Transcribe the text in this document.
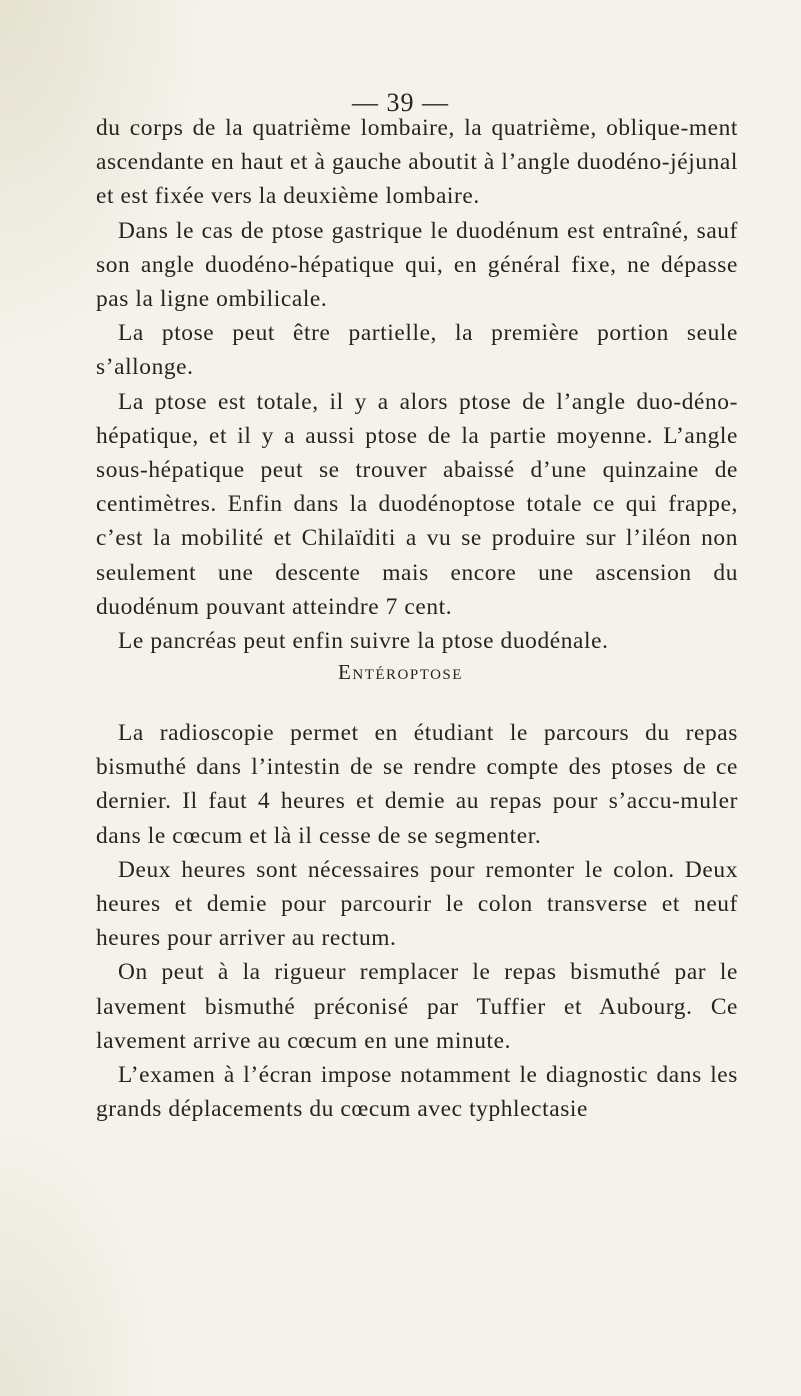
— 39 —

du corps de la quatrième lombaire, la quatrième, oblique-ment ascendante en haut et à gauche aboutit à l’angle duodéno-jéjunal et est fixée vers la deuxième lombaire.

Dans le cas de ptose gastrique le duodénum est entraîné, sauf son angle duodéno-hépatique qui, en général fixe, ne dépasse pas la ligne ombilicale.

La ptose peut être partielle, la première portion seule s’allonge.

La ptose est totale, il y a alors ptose de l’angle duo-déno-hépatique, et il y a aussi ptose de la partie moyenne. L’angle sous-hépatique peut se trouver abaissé d’une quinzaine de centimètres. Enfin dans la duodénoptose totale ce qui frappe, c’est la mobilité et Chilaïditi a vu se produire sur l’iléon non seulement une descente mais encore une ascension du duodénum pouvant atteindre 7 cent.

Le pancréas peut enfin suivre la ptose duodénale.

Entéroptose

La radioscopie permet en étudiant le parcours du repas bismuthé dans l’intestin de se rendre compte des ptoses de ce dernier. Il faut 4 heures et demie au repas pour s’accu-muler dans le cœcum et là il cesse de se segmenter.

Deux heures sont nécessaires pour remonter le colon. Deux heures et demie pour parcourir le colon transverse et neuf heures pour arriver au rectum.

On peut à la rigueur remplacer le repas bismuthé par le lavement bismuthé préconisé par Tuffier et Aubourg. Ce lavement arrive au cœcum en une minute.

L’examen à l’écran impose notamment le diagnostic dans les grands déplacements du cœcum avec typhlectasie
